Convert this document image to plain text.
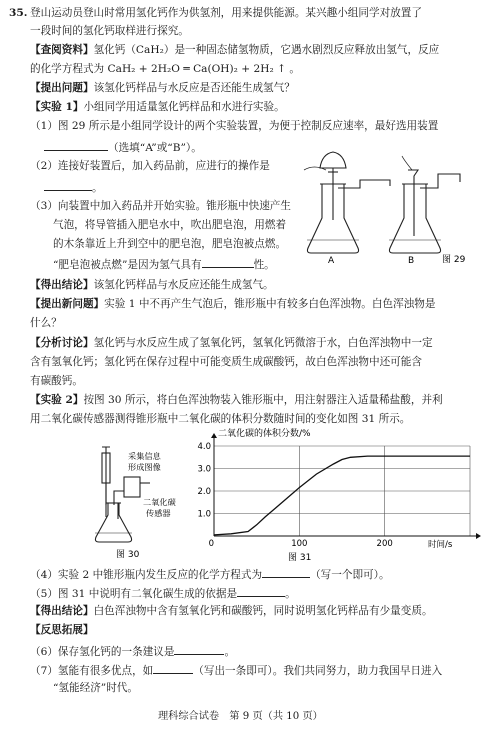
35. 登山运动员登山时常用氢化钙作为供氢剂，用来提供能源。某兴趣小组同学对放置了
一段时间的氢化钙取样进行探究。
【查阅资料】氢化钙（CaH₂）是一种固态储氢物质，它遇水剧烈反应释放出氢气，反应
的化学方程式为 CaH₂ + 2H₂O ═ Ca(OH)₂ + 2H₂ ↑ 。
【提出问题】该氢化钙样品与水反应是否还能生成氢气？
【实验 1】小组同学用适量氢化钙样品和水进行实验。
（1）图 29 所示是小组同学设计的两个实验装置，为便于控制反应速率，最好选用装置
（选填“A”或“B”）。
（2）连接好装置后，加入药品前，应进行的操作是
。
（3）向装置中加入药品并开始实验。锥形瓶中快速产生
气泡，将导管插入肥皂水中，吹出肥皂泡，用燃着
的木条靠近上升到空中的肥皂泡，肥皂泡被点燃。
“肥皂泡被点燃”是因为氢气具有	性。	A	B	图 29
【得出结论】该氢化钙样品与水反应还能生成氢气。
【提出新问题】实验 1 中不再产生气泡后，锥形瓶中有较多白色浑浊物。白色浑浊物是
什么？
【分析讨论】氢化钙与水反应生成了氢氧化钙，氢氧化钙微溶于水，白色浑浊物中一定
含有氢氧化钙；氢化钙在保存过程中可能变质生成碳酸钙，故白色浑浊物中还可能含
有碳酸钙。
【实验 2】按图 30 所示，将白色浑浊物装入锥形瓶中，用注射器注入适量稀盐酸，并利
用二氧化碳传感器测得锥形瓶中二氧化碳的体积分数随时间的变化如图 31 所示。
采集信息
形成图像
二氧化碳
传感器
图 30
1.0
2.0
3.0
4.0
0	100	200
二氧化碳的体积分数/%
时间/s
图 31
（4）实验 2 中锥形瓶内发生反应的化学方程式为	（写一个即可）。
（5）图 31 中说明有二氧化碳生成的依据是	。
【得出结论】白色浑浊物中含有氢氧化钙和碳酸钙，同时说明氢化钙样品有少量变质。
【反思拓展】
（6）保存氢化钙的一条建议是	。
（7）氢能有很多优点，如	（写出一条即可）。我们共同努力，助力我国早日进入
“氢能经济”时代。
理科综合试卷　第 9 页（共 10 页）
